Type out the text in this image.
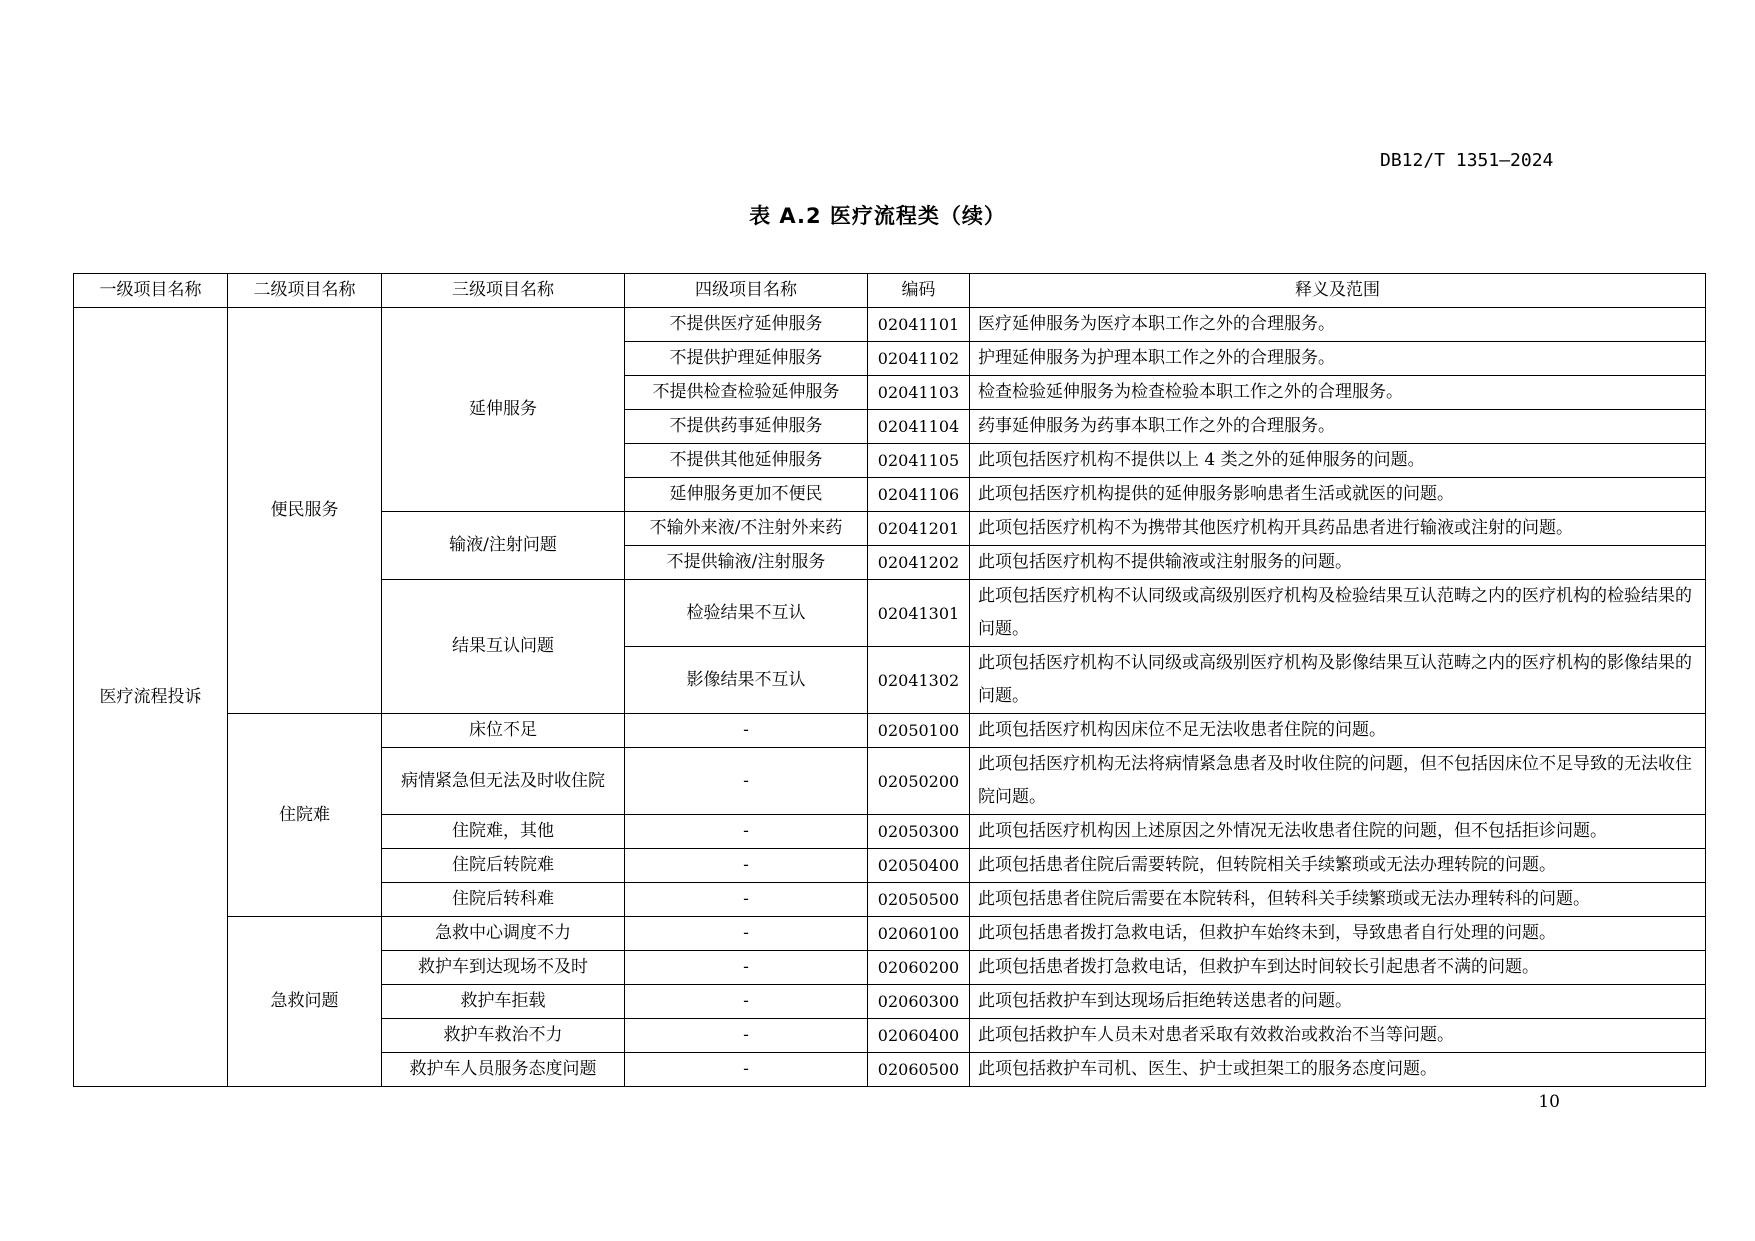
DB12/T 1351—2024
表 A.2 医疗流程类（续）
一级项目名称	二级项目名称	三级项目名称	四级项目名称	编码	释义及范围
医疗流程投诉	便民服务	延伸服务	不提供医疗延伸服务	02041101	医疗延伸服务为医疗本职工作之外的合理服务。
			不提供护理延伸服务	02041102	护理延伸服务为护理本职工作之外的合理服务。
			不提供检查检验延伸服务	02041103	检查检验延伸服务为检查检验本职工作之外的合理服务。
			不提供药事延伸服务	02041104	药事延伸服务为药事本职工作之外的合理服务。
			不提供其他延伸服务	02041105	此项包括医疗机构不提供以上 4 类之外的延伸服务的问题。
			延伸服务更加不便民	02041106	此项包括医疗机构提供的延伸服务影响患者生活或就医的问题。
		输液/注射问题	不输外来液/不注射外来药	02041201	此项包括医疗机构不为携带其他医疗机构开具药品患者进行输液或注射的问题。
			不提供输液/注射服务	02041202	此项包括医疗机构不提供输液或注射服务的问题。
		结果互认问题	检验结果不互认	02041301	此项包括医疗机构不认同级或高级别医疗机构及检验结果互认范畴之内的医疗机构的检验结果的问题。

			影像结果不互认	02041302	此项包括医疗机构不认同级或高级别医疗机构及影像结果互认范畴之内的医疗机构的影像结果的问题。

	住院难	床位不足	-	02050100	此项包括医疗机构因床位不足无法收患者住院的问题。
		病情紧急但无法及时收住院	-	02050200	此项包括医疗机构无法将病情紧急患者及时收住院的问题，但不包括因床位不足导致的无法收住院问题。

		住院难，其他	-	02050300	此项包括医疗机构因上述原因之外情况无法收患者住院的问题，但不包括拒诊问题。
		住院后转院难	-	02050400	此项包括患者住院后需要转院，但转院相关手续繁琐或无法办理转院的问题。
		住院后转科难	-	02050500	此项包括患者住院后需要在本院转科，但转科关手续繁琐或无法办理转科的问题。
	急救问题	急救中心调度不力	-	02060100	此项包括患者拨打急救电话，但救护车始终未到，导致患者自行处理的问题。
		救护车到达现场不及时	-	02060200	此项包括患者拨打急救电话，但救护车到达时间较长引起患者不满的问题。
		救护车拒载	-	02060300	此项包括救护车到达现场后拒绝转送患者的问题。
		救护车救治不力	-	02060400	此项包括救护车人员未对患者采取有效救治或救治不当等问题。
		救护车人员服务态度问题	-	02060500	此项包括救护车司机、医生、护士或担架工的服务态度问题。
10
